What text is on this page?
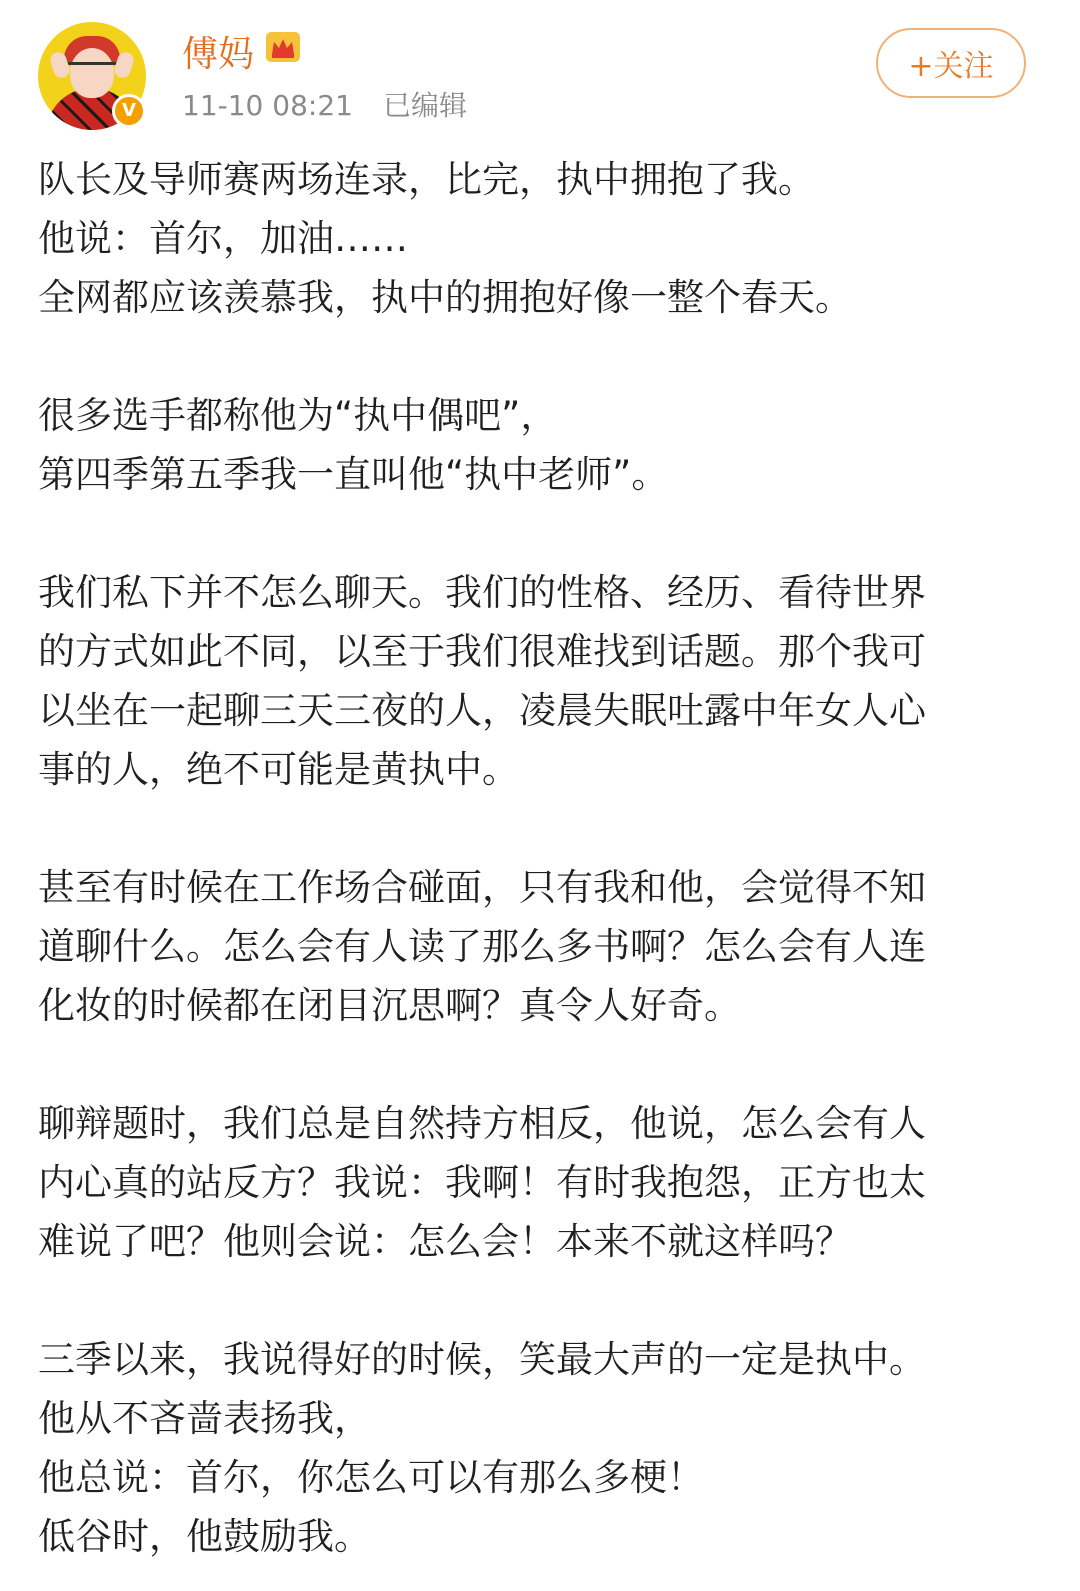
V
傅妈
11-10 08:21 已编辑
+关注
队长及导师赛两场连录，比完，执中拥抱了我。
他说：首尔，加油……
全网都应该羡慕我，执中的拥抱好像一整个春天。
很多选手都称他为“执中偶吧”，
第四季第五季我一直叫他“执中老师”。
我们私下并不怎么聊天。我们的性格、经历、看待世界
的方式如此不同，以至于我们很难找到话题。那个我可
以坐在一起聊三天三夜的人，凌晨失眠吐露中年女人心
事的人，绝不可能是黄执中。
甚至有时候在工作场合碰面，只有我和他，会觉得不知
道聊什么。怎么会有人读了那么多书啊？怎么会有人连
化妆的时候都在闭目沉思啊？真令人好奇。
聊辩题时，我们总是自然持方相反，他说，怎么会有人
内心真的站反方？我说：我啊！有时我抱怨，正方也太
难说了吧？他则会说：怎么会！本来不就这样吗？
三季以来，我说得好的时候，笑最大声的一定是执中。
他从不吝啬表扬我，
他总说：首尔，你怎么可以有那么多梗！
低谷时，他鼓励我。
